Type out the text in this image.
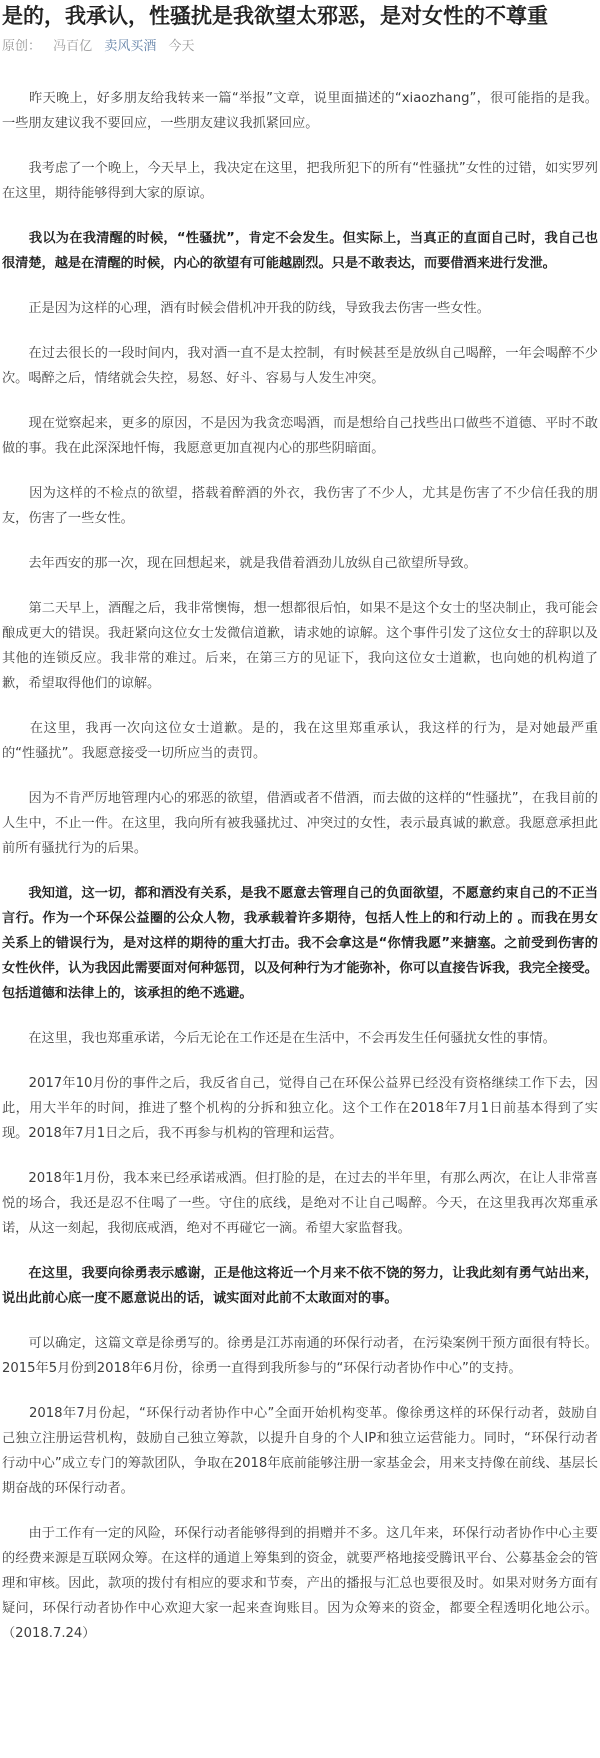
是的，我承认，性骚扰是我欲望太邪恶，是对女性的不尊重
原创： 冯百亿 卖风买酒 今天

　　昨天晚上，好多朋友给我转来一篇“举报”文章，说里面描述的“xiaozhang”，很可能指的是我。一些朋友建议我不要回应，一些朋友建议我抓紧回应。

　　我考虑了一个晚上，今天早上，我决定在这里，把我所犯下的所有“性骚扰”女性的过错，如实罗列在这里，期待能够得到大家的原谅。

　　我以为在我清醒的时候，“性骚扰”，肯定不会发生。但实际上，当真正的直面自己时，我自己也很清楚，越是在清醒的时候，内心的欲望有可能越剧烈。只是不敢表达，而要借酒来进行发泄。

　　正是因为这样的心理，酒有时候会借机冲开我的防线，导致我去伤害一些女性。

　　在过去很长的一段时间内，我对酒一直不是太控制，有时候甚至是放纵自己喝醉，一年会喝醉不少次。喝醉之后，情绪就会失控，易怒、好斗、容易与人发生冲突。

　　现在觉察起来，更多的原因，不是因为我贪恋喝酒，而是想给自己找些出口做些不道德、平时不敢做的事。我在此深深地忏悔，我愿意更加直视内心的那些阴暗面。

　　因为这样的不检点的欲望，搭载着醉酒的外衣，我伤害了不少人，尤其是伤害了不少信任我的朋友，伤害了一些女性。

　　去年西安的那一次，现在回想起来，就是我借着酒劲儿放纵自己欲望所导致。

　　第二天早上，酒醒之后，我非常懊悔，想一想都很后怕，如果不是这个女士的坚决制止，我可能会酿成更大的错误。我赶紧向这位女士发微信道歉，请求她的谅解。这个事件引发了这位女士的辞职以及其他的连锁反应。我非常的难过。后来，在第三方的见证下，我向这位女士道歉，也向她的机构道了歉，希望取得他们的谅解。

　　在这里，我再一次向这位女士道歉。是的，我在这里郑重承认，我这样的行为，是对她最严重的“性骚扰”。我愿意接受一切所应当的责罚。

　　因为不肯严厉地管理内心的邪恶的欲望，借酒或者不借酒，而去做的这样的“性骚扰”，在我目前的人生中，不止一件。在这里，我向所有被我骚扰过、冲突过的女性，表示最真诚的歉意。我愿意承担此前所有骚扰行为的后果。

　　我知道，这一切，都和酒没有关系，是我不愿意去管理自己的负面欲望，不愿意约束自己的不正当言行。作为一个环保公益圈的公众人物，我承载着许多期待，包括人性上的和行动上的 。而我在男女关系上的错误行为，是对这样的期待的重大打击。我不会拿这是“你情我愿”来搪塞。之前受到伤害的女性伙伴，认为我因此需要面对何种惩罚，以及何种行为才能弥补，你可以直接告诉我，我完全接受。包括道德和法律上的，该承担的绝不逃避。

　　在这里，我也郑重承诺，今后无论在工作还是在生活中，不会再发生任何骚扰女性的事情。

　　2017年10月份的事件之后，我反省自己，觉得自己在环保公益界已经没有资格继续工作下去，因此，用大半年的时间，推进了整个机构的分拆和独立化。这个工作在2018年7月1日前基本得到了实现。2018年7月1日之后，我不再参与机构的管理和运营。

　　2018年1月份，我本来已经承诺戒酒。但打脸的是，在过去的半年里，有那么两次，在让人非常喜悦的场合，我还是忍不住喝了一些。守住的底线，是绝对不让自己喝醉。今天，在这里我再次郑重承诺，从这一刻起，我彻底戒酒，绝对不再碰它一滴。希望大家监督我。

　　在这里，我要向徐勇表示感谢，正是他这将近一个月来不依不饶的努力，让我此刻有勇气站出来，说出此前心底一度不愿意说出的话，诚实面对此前不太敢面对的事。

　　可以确定，这篇文章是徐勇写的。徐勇是江苏南通的环保行动者，在污染案例干预方面很有特长。2015年5月份到2018年6月份，徐勇一直得到我所参与的“环保行动者协作中心”的支持。

　　2018年7月份起，“环保行动者协作中心”全面开始机构变革。像徐勇这样的环保行动者，鼓励自己独立注册运营机构，鼓励自己独立筹款，以提升自身的个人IP和独立运营能力。同时，“环保行动者行动中心”成立专门的筹款团队，争取在2018年底前能够注册一家基金会，用来支持像在前线、基层长期奋战的环保行动者。

　　由于工作有一定的风险，环保行动者能够得到的捐赠并不多。这几年来，环保行动者协作中心主要的经费来源是互联网众筹。在这样的通道上筹集到的资金，就要严格地接受腾讯平台、公募基金会的管理和审核。因此，款项的拨付有相应的要求和节奏，产出的播报与汇总也要很及时。如果对财务方面有疑问，环保行动者协作中心欢迎大家一起来查询账目。因为众筹来的资金，都要全程透明化地公示。（2018.7.24）
